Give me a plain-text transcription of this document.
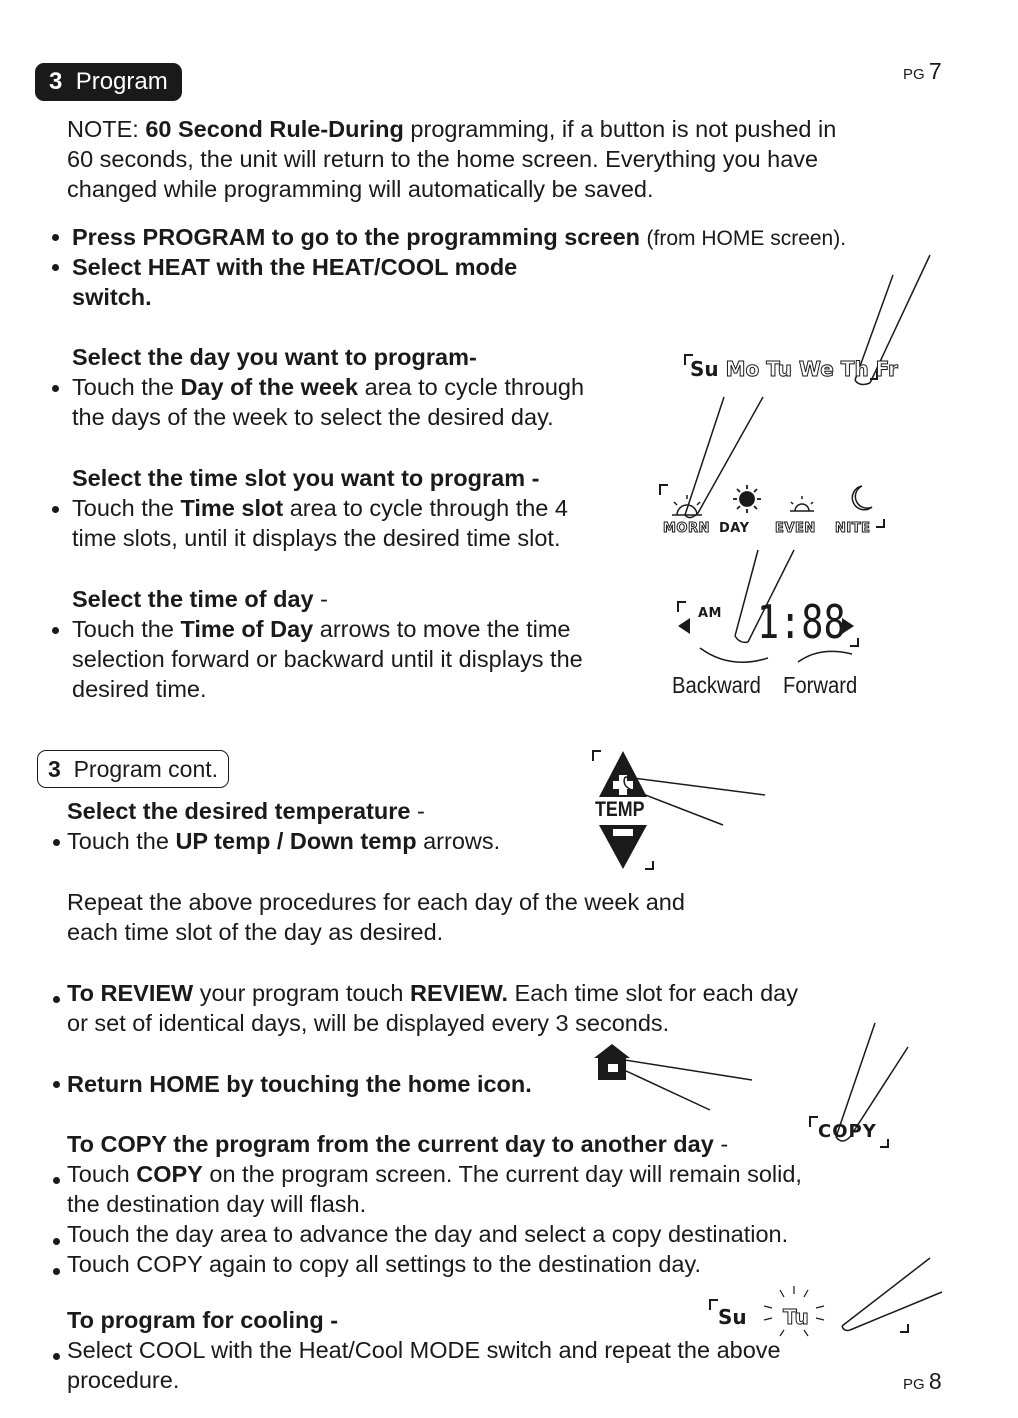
PG 7
3 Program

NOTE: 60 Second Rule-During programming, if a button is not pushed in

60 seconds, the unit will return to the home screen. Everything you have

changed while programming will automatically be saved.

Press PROGRAM to go to the programming screen (from HOME screen).

Select HEAT with the HEAT/COOL mode

switch.

Select the day you want to program-

Touch the Day of the week area to cycle through

the days of the week to select the desired day.

Select the time slot you want to program -

Touch the Time slot area to cycle through the 4

time slots, until it displays the desired time slot.

Select the time of day -

Touch the Time of Day arrows to move the time

selection forward or backward until it displays the

desired time.

Su Mo Tu We Th Fr
MORN DAY EVEN NITE
AM 1:88
Backward Forward
3 Program cont.

Select the desired temperature -

Touch the UP temp / Down temp arrows.

TEMP

Repeat the above procedures for each day of the week and

each time slot of the day as desired.

To REVIEW your program touch REVIEW. Each time slot for each day

or set of identical days, will be displayed every 3 seconds.

Return HOME by touching the home icon.

To COPY the program from the current day to another day -

Touch COPY on the program screen. The current day will remain solid,

the destination day will flash.

Touch the day area to advance the day and select a copy destination.

Touch COPY again to copy all settings to the destination day.

COPY

To program for cooling -

Select COOL with the Heat/Cool MODE switch and repeat the above

procedure.

Su Tu
PG 8
